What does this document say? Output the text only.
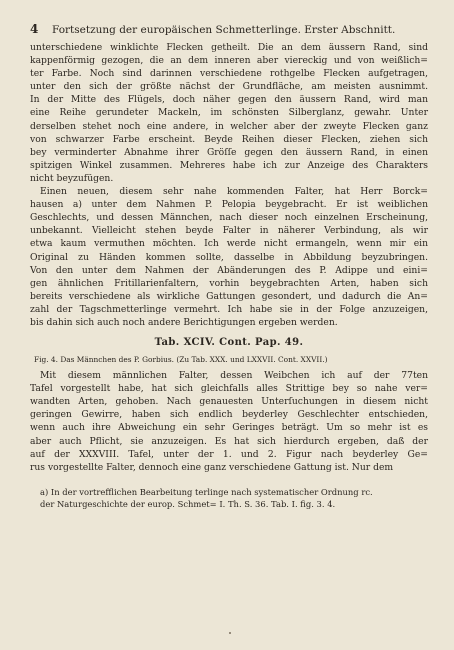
4	Fortsetzung der europäischen Schmetterlinge. Erster Abschnitt.

unterschiedene winklichte Flecken getheilt. Die an dem äussern Rand, sind
kappenförmig gezogen, die an dem inneren aber viereckig und von weißlich=
ter Farbe. Noch sind darinnen verschiedene rothgelbe Flecken aufgetragen,
unter den sich der größte nächst der Grundfläche, am meisten ausnimmt.
In der Mitte des Flügels, doch näher gegen den äussern Rand, wird man
eine Reihe gerundeter Mackeln, im schönsten Silberglanz, gewahr. Unter
derselben stehet noch eine andere, in welcher aber der zweyte Flecken ganz
von schwarzer Farbe erscheint. Beyde Reihen dieser Flecken, ziehen sich
bey verminderter Abnahme ihrer Gröſſe gegen den äussern Rand, in einen
spitzigen Winkel zusammen. Mehreres habe ich zur Anzeige des Charakters
nicht beyzufügen.

Einen neuen, diesem sehr nahe kommenden Falter, hat Herr Borck=
hausen a) unter dem Nahmen P. Pelopia beygebracht. Er ist weiblichen
Geschlechts, und dessen Männchen, nach dieser noch einzelnen Erscheinung,
unbekannt. Vielleicht stehen beyde Falter in näherer Verbindung, als wir
etwa kaum vermuthen möchten. Ich werde nicht ermangeln, wenn mir ein
Original zu Händen kommen sollte, dasselbe in Abbildung beyzubringen.
Von den unter dem Nahmen der Abänderungen des P. Adippe und eini=
gen ähnlichen Fritillarienfaltern, vorhin beygebrachten Arten, haben sich
bereits verschiedene als wirkliche Gattungen gesondert, und dadurch die An=
zahl der Tagschmetterlinge vermehrt. Ich habe sie in der Folge anzuzeigen,
bis dahin sich auch noch andere Berichtigungen ergeben werden.

Tab. XCIV. Cont. Pap. 49.
Fig. 4. Das Männchen des P. Gorbius. (Zu Tab. XXX. und LXXVII. Cont. XXVII.)

Mit diesem männlichen Falter, dessen Weibchen ich auf der 77ten
Tafel vorgestellt habe, hat sich gleichfalls alles Strittige bey so nahe ver=
wandten Arten, gehoben. Nach genauesten Unterſuchungen in diesem nicht
geringen Gewirre, haben sich endlich beyderley Geschlechter entschieden,
wenn auch ihre Abweichung ein sehr Geringes beträgt. Um so mehr ist es
aber auch Pflicht, sie anzuzeigen. Es hat sich hierdurch ergeben, daß der
auf der XXXVIII. Tafel, unter der 1. und 2. Figur nach beyderley Ge=
rus vorgestellte Falter, dennoch eine ganz verschiedene Gattung ist. Nur dem

a) In der vortrefflichen Bearbeitung terlinge nach systematischer Ordnung rc.
der Naturgeschichte der europ. Schmet= I. Th. S. 36. Tab. I. fig. 3. 4.
